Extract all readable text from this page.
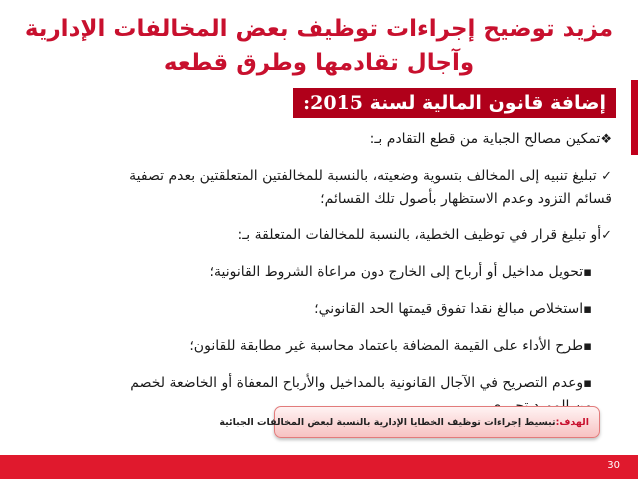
مزيد توضيح إجراءات توظيف بعض المخالفات الإدارية
وآجال تقادمها وطرق قطعه
إضافة قانون المالية لسنة 2015:

❖تمكين مصالح الجباية من قطع التقادم بـ:

✓ تبليغ تنبيه إلى المخالف بتسوية وضعيته، بالنسبة للمخالفتين المتعلقتين بعدم تصفية

قسائم التزود وعدم الاستظهار بأصول تلك القسائم؛

✓أو تبليغ قرار في توظيف الخطية، بالنسبة للمخالفات المتعلقة بـ:

▪تحويل مداخيل أو أرباح إلى الخارج دون مراعاة الشروط القانونية؛

▪استخلاص مبالغ نقدا تفوق قيمتها الحد القانوني؛

▪طرح الأداء على القيمة المضافة باعتماد محاسبة غير مطابقة للقانون؛

▪وعدم التصريح في الآجال القانونية بالمداخيل والأرباح المعفاة أو الخاضعة لخصم

الهدف:
تبسيط إجراءات توظيف الخطايا الإدارية بالنسبة لبعض المخالفات الجبائية
30
